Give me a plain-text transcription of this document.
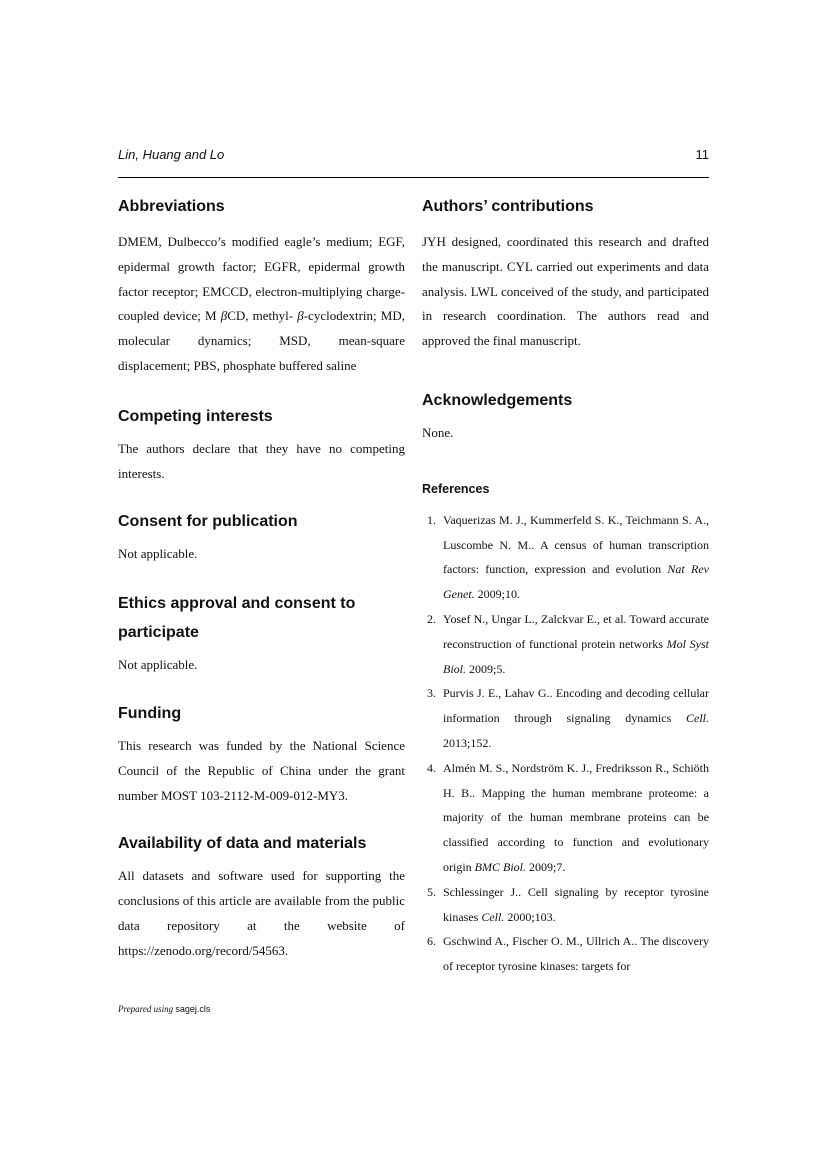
Lin, Huang and Lo	11
Abbreviations

DMEM, Dulbecco’s modified eagle’s medium; EGF, epidermal growth factor; EGFR, epidermal growth factor receptor; EMCCD, electron-multiplying charge-coupled device; M βCD, methyl- β-cyclodextrin; MD, molecular dynamics; MSD, mean-square displacement; PBS, phosphate buffered saline

Competing interests

The authors declare that they have no competing interests.

Consent for publication

Not applicable.

Ethics approval and consent to participate

Not applicable.

Funding

This research was funded by the National Science Council of the Republic of China under the grant number MOST 103-2112-M-009-012-MY3.

Availability of data and materials

All datasets and software used for supporting the conclusions of this article are available from the public data repository at the website of https://zenodo.org/record/54563.

Authors’ contributions

JYH designed, coordinated this research and drafted the manuscript. CYL carried out experiments and data analysis. LWL conceived of the study, and participated in research coordination. The authors read and approved the final manuscript.

Acknowledgements

None.

References
1. Vaquerizas M. J., Kummerfeld S. K., Teichmann S. A., Luscombe N. M.. A census of human transcription factors: function, expression and evolution Nat Rev Genet. 2009;10.
2. Yosef N., Ungar L., Zalckvar E., et al. Toward accurate reconstruction of functional protein networks Mol Syst Biol. 2009;5.
3. Purvis J. E., Lahav G.. Encoding and decoding cellular information through signaling dynamics Cell. 2013;152.
4. Almén M. S., Nordström K. J., Fredriksson R., Schiöth H. B.. Mapping the human membrane proteome: a majority of the human membrane proteins can be classified according to function and evolutionary origin BMC Biol. 2009;7.
5. Schlessinger J.. Cell signaling by receptor tyrosine kinases Cell. 2000;103.
6. Gschwind A., Fischer O. M., Ullrich A.. The discovery of receptor tyrosine kinases: targets for
Prepared using sagej.cls
